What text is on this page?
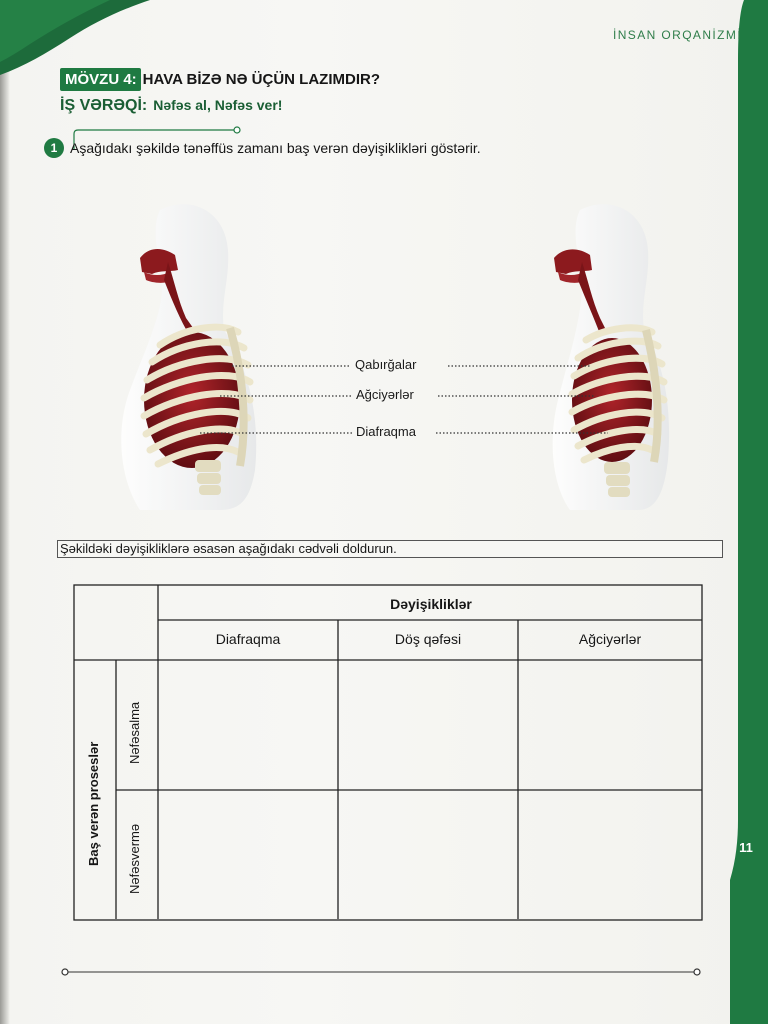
11
İNSAN ORQANİZMİ
MÖVZU 4: HAVA BİZƏ NƏ ÜÇÜN LAZIMDIR?
İŞ VƏRƏQİ: Nəfəs al, Nəfəs ver!
1 Aşağıdakı şəkildə tənəffüs zamanı baş verən dəyişiklikləri göstərir.
Qabırğalar
Ağciyərlər
Diafraqma
Şəkildəki dəyişikliklərə əsasən aşağıdakı cədvəli doldurun.
Dəyişikliklər
Diafraqma	Döş qəfəsi	Ağciyərlər
Baş verən proseslər
Nəfəsalma
Nəfəsvermə
